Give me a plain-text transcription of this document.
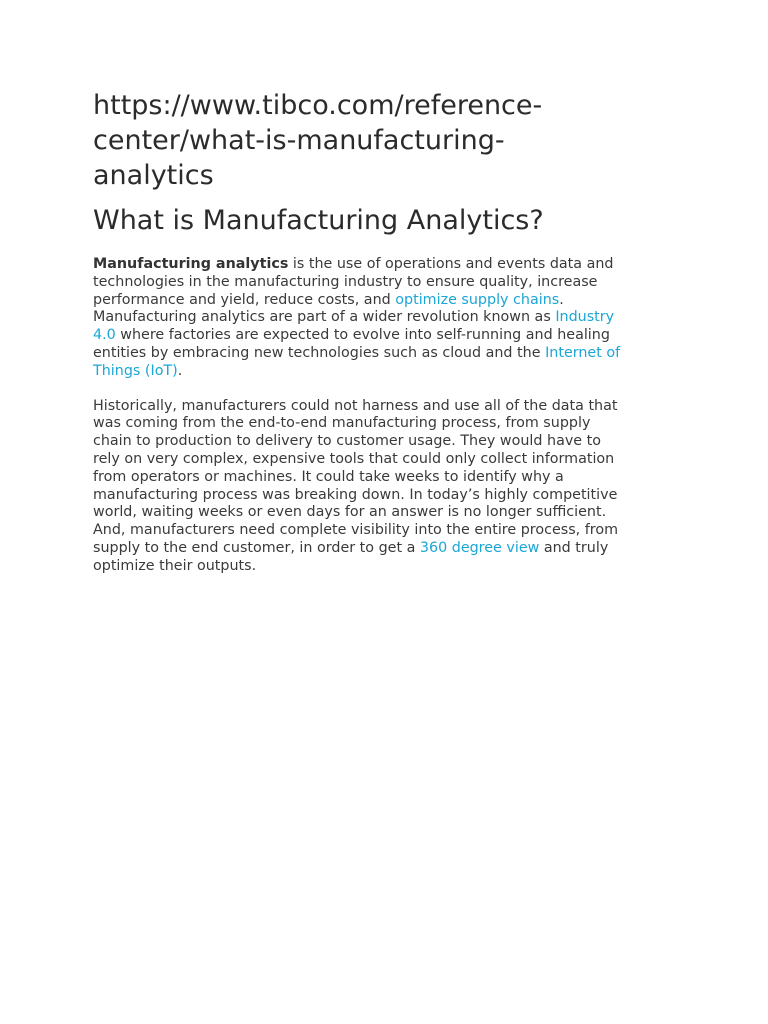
https://www.tibco.com/reference-
center/what-is-manufacturing-
analytics
What is Manufacturing Analytics?

Manufacturing analytics is the use of operations and events data and
technologies in the manufacturing industry to ensure quality, increase
performance and yield, reduce costs, and optimize supply chains.
Manufacturing analytics are part of a wider revolution known as Industry
4.0 where factories are expected to evolve into self-running and healing
entities by embracing new technologies such as cloud and the Internet of
Things (IoT).

Historically, manufacturers could not harness and use all of the data that
was coming from the end-to-end manufacturing process, from supply
chain to production to delivery to customer usage. They would have to
rely on very complex, expensive tools that could only collect information
from operators or machines. It could take weeks to identify why a
manufacturing process was breaking down. In today’s highly competitive
world, waiting weeks or even days for an answer is no longer sufficient.
And, manufacturers need complete visibility into the entire process, from
supply to the end customer, in order to get a 360 degree view and truly
optimize their outputs.
